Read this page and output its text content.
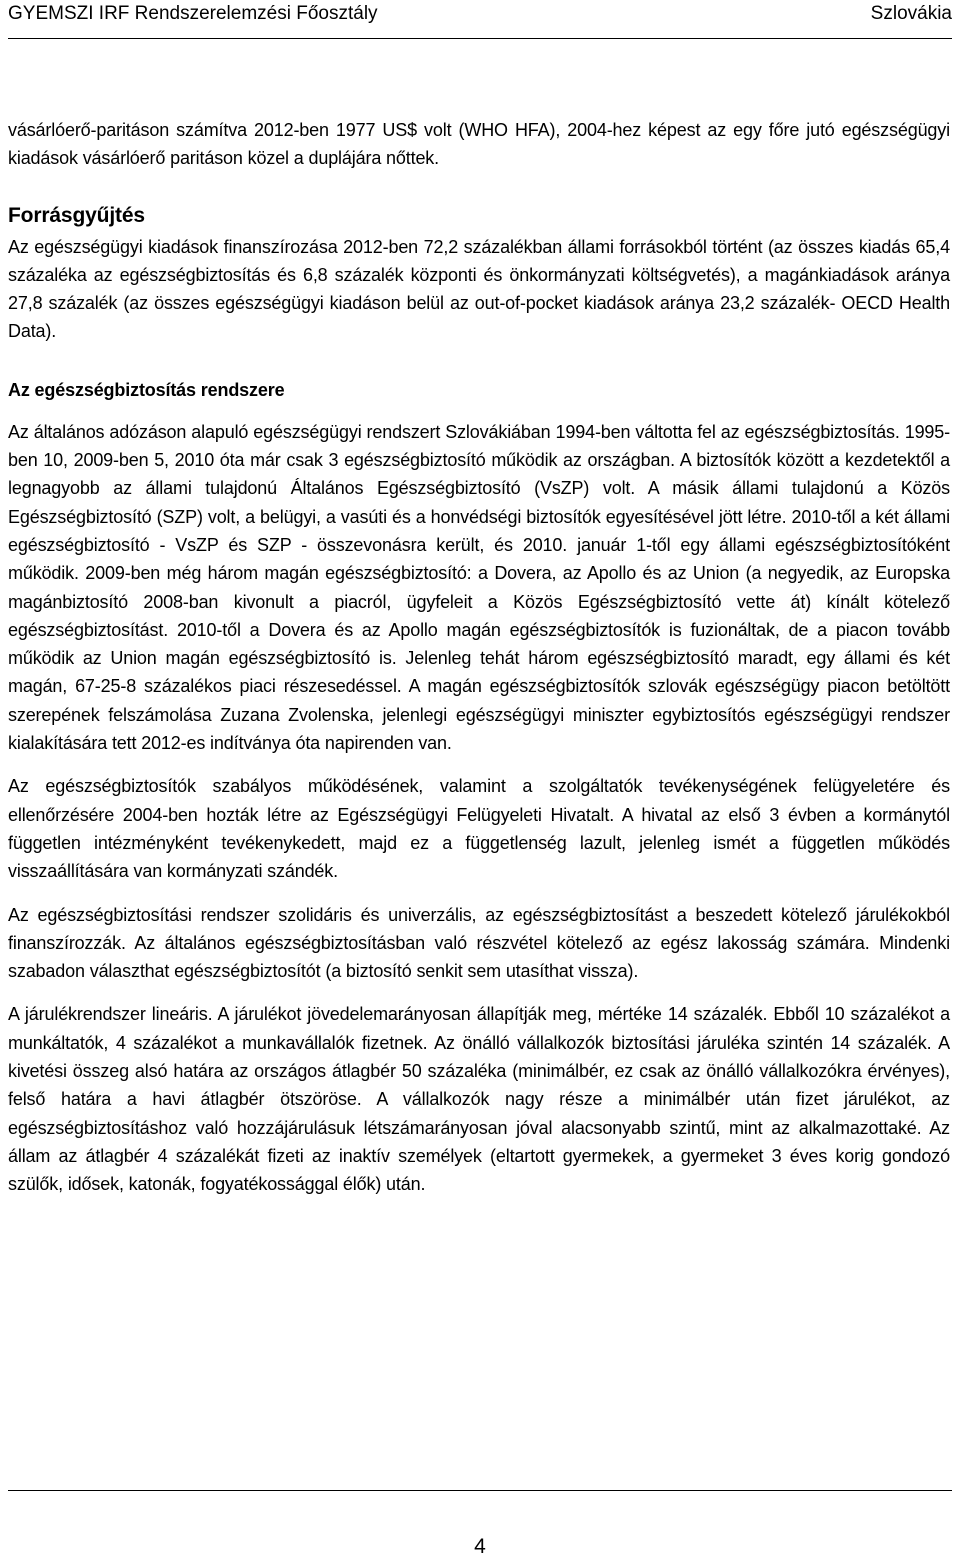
GYEMSZI IRF Rendszerelemzési Főosztály	Szlovákia

vásárlóerő-paritáson számítva 2012-ben 1977 US$ volt (WHO HFA), 2004-hez képest az egy főre jutó egészségügyi kiadások vásárlóerő paritáson közel a duplájára nőttek.

Forrásgyűjtés

Az egészségügyi kiadások finanszírozása 2012-ben 72,2 százalékban állami forrásokból történt (az összes kiadás 65,4 százaléka az egészségbiztosítás és 6,8 százalék központi és önkormányzati költségvetés), a magánkiadások aránya 27,8 százalék (az összes egészségügyi kiadáson belül az out-of-pocket kiadások aránya 23,2 százalék- OECD Health Data).

Az egészségbiztosítás rendszere

Az általános adózáson alapuló egészségügyi rendszert Szlovákiában 1994-ben váltotta fel az egészségbiztosítás. 1995-ben 10, 2009-ben 5, 2010 óta már csak 3 egészségbiztosító működik az országban. A biztosítók között a kezdetektől a legnagyobb az állami tulajdonú Általános Egészségbiztosító (VsZP) volt. A másik állami tulajdonú a Közös Egészségbiztosító (SZP) volt, a belügyi, a vasúti és a honvédségi biztosítók egyesítésével jött létre. 2010-től a két állami egészségbiztosító - VsZP és SZP - összevonásra került, és 2010. január 1-től egy állami egészségbiztosítóként működik. 2009-ben még három magán egészségbiztosító: a Dovera, az Apollo és az Union (a negyedik, az Europska magánbiztosító 2008-ban kivonult a piacról, ügyfeleit a Közös Egészségbiztosító vette át) kínált kötelező egészségbiztosítást. 2010-től a Dovera és az Apollo magán egészségbiztosítók is fuzionáltak, de a piacon tovább működik az Union magán egészségbiztosító is. Jelenleg tehát három egészségbiztosító maradt, egy állami és két magán, 67-25-8 százalékos piaci részesedéssel. A magán egészségbiztosítók szlovák egészségügy piacon betöltött szerepének felszámolása Zuzana Zvolenska, jelenlegi egészségügyi miniszter egybiztosítós egészségügyi rendszer kialakítására tett 2012-es indítványa óta napirenden van.

Az egészségbiztosítók szabályos működésének, valamint a szolgáltatók tevékenységének felügyeletére és ellenőrzésére 2004-ben hozták létre az Egészségügyi Felügyeleti Hivatalt. A hivatal az első 3 évben a kormánytól független intézményként tevékenykedett, majd ez a függetlenség lazult, jelenleg ismét a független működés visszaállítására van kormányzati szándék.

Az egészségbiztosítási rendszer szolidáris és univerzális, az egészségbiztosítást a beszedett kötelező járulékokból finanszírozzák. Az általános egészségbiztosításban való részvétel kötelező az egész lakosság számára. Mindenki szabadon választhat egészségbiztosítót (a biztosító senkit sem utasíthat vissza).

A járulékrendszer lineáris. A járulékot jövedelemarányosan állapítják meg, mértéke 14 százalék. Ebből 10 százalékot a munkáltatók, 4 százalékot a munkavállalók fizetnek. Az önálló vállalkozók biztosítási járuléka szintén 14 százalék. A kivetési összeg alsó határa az országos átlagbér 50 százaléka (minimálbér, ez csak az önálló vállalkozókra érvényes), felső határa a havi átlagbér ötszöröse. A vállalkozók nagy része a minimálbér után fizet járulékot, az egészségbiztosításhoz való hozzájárulásuk létszámarányosan jóval alacsonyabb szintű, mint az alkalmazottaké. Az állam az átlagbér 4 százalékát fizeti az inaktív személyek (eltartott gyermekek, a gyermeket 3 éves korig gondozó szülők, idősek, katonák, fogyatékossággal élők) után.

4
